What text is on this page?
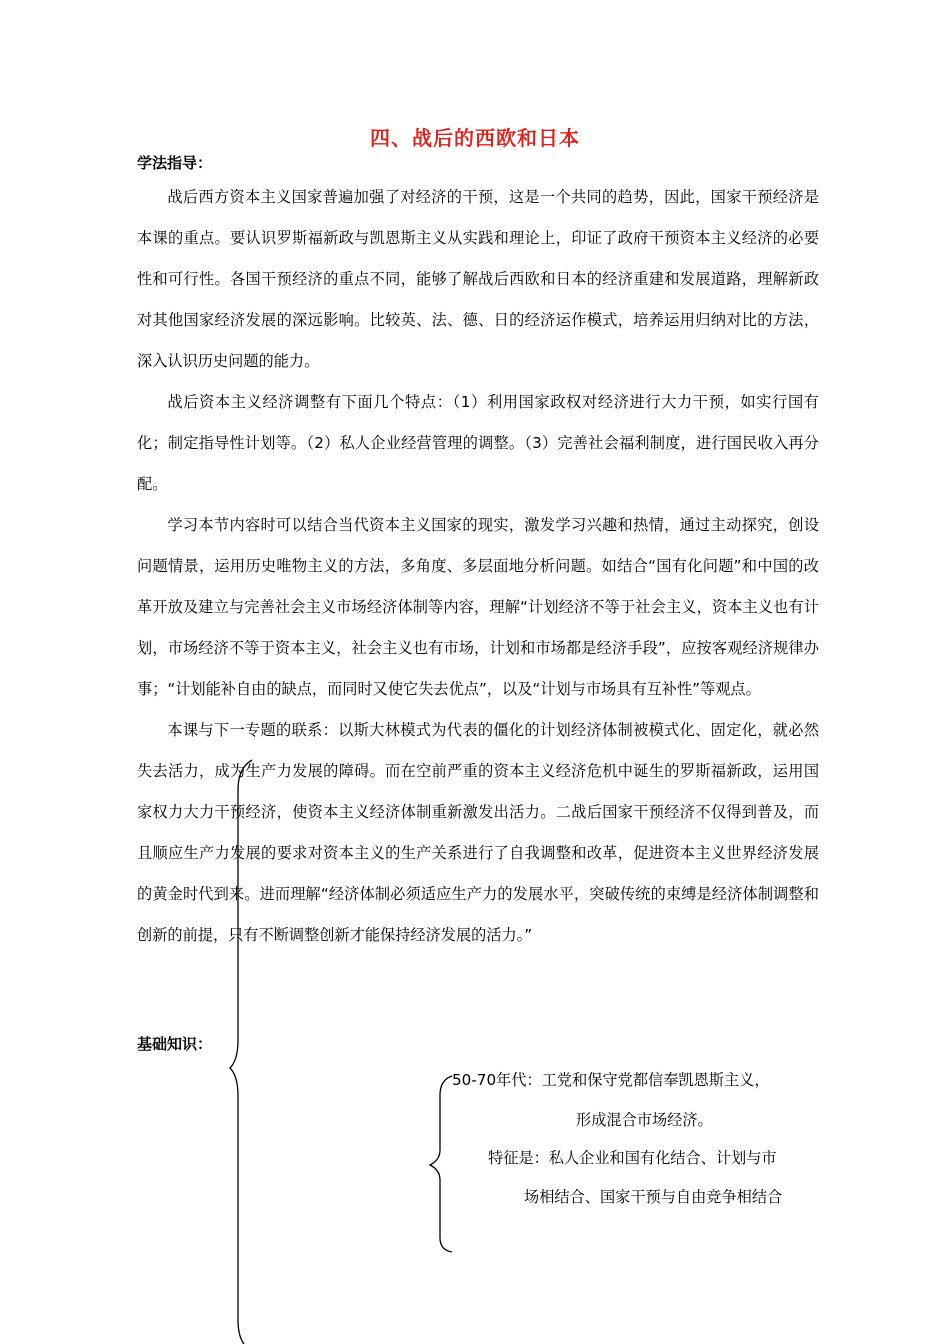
四、战后的西欧和日本
学法指导：

战后西方资本主义国家普遍加强了对经济的干预，这是一个共同的趋势，因此，国家干预经济是本课的重点。要认识罗斯福新政与凯恩斯主义从实践和理论上，印证了政府干预资本主义经济的必要性和可行性。各国干预经济的重点不同，能够了解战后西欧和日本的经济重建和发展道路，理解新政对其他国家经济发展的深远影响。比较英、法、德、日的经济运作模式，培养运用归纳对比的方法，深入认识历史问题的能力。

战后资本主义经济调整有下面几个特点：（1）利用国家政权对经济进行大力干预，如实行国有化；制定指导性计划等。（2）私人企业经营管理的调整。（3）完善社会福利制度，进行国民收入再分配。

学习本节内容时可以结合当代资本主义国家的现实，激发学习兴趣和热情，通过主动探究，创设问题情景，运用历史唯物主义的方法，多角度、多层面地分析问题。如结合“国有化问题”和中国的改革开放及建立与完善社会主义市场经济体制等内容，理解“计划经济不等于社会主义，资本主义也有计划，市场经济不等于资本主义，社会主义也有市场，计划和市场都是经济手段”，应按客观经济规律办事；“计划能补自由的缺点，而同时又使它失去优点”，以及“计划与市场具有互补性”等观点。

本课与下一专题的联系：以斯大林模式为代表的僵化的计划经济体制被模式化、固定化，就必然失去活力，成为生产力发展的障碍。而在空前严重的资本主义经济危机中诞生的罗斯福新政，运用国家权力大力干预经济，使资本主义经济体制重新激发出活力。二战后国家干预经济不仅得到普及，而且顺应生产力发展的要求对资本主义的生产关系进行了自我调整和改革，促进资本主义世界经济发展的黄金时代到来。进而理解“经济体制必须适应生产力的发展水平，突破传统的束缚是经济体制调整和创新的前提，只有不断调整创新才能保持经济发展的活力。”

基础知识：
50-70年代：工党和保守党都信奉凯恩斯主义，
形成混合市场经济。
特征是：私人企业和国有化结合、计划与市
场相结合、国家干预与自由竞争相结合
